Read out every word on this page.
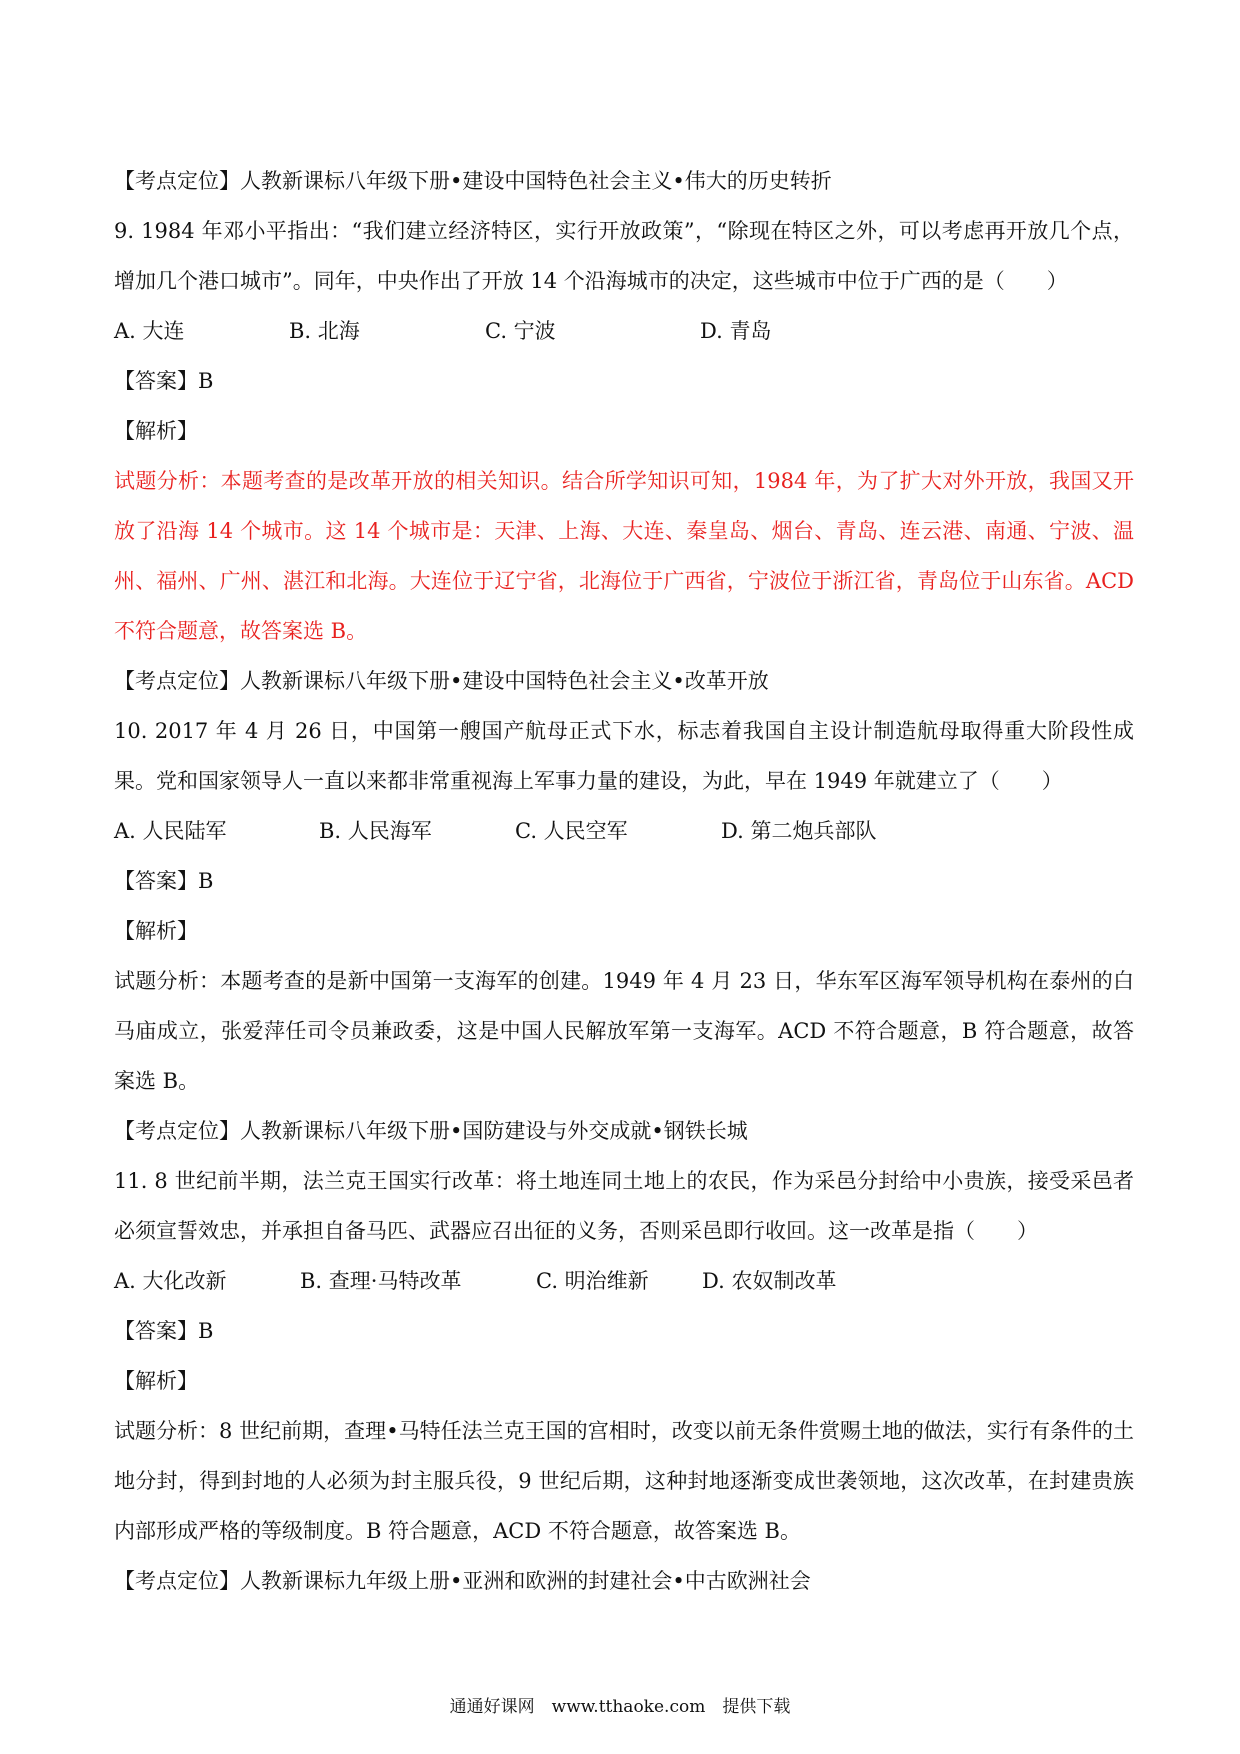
【考点定位】人教新课标八年级下册•建设中国特色社会主义•伟大的历史转折
9. 1984 年邓小平指出：“我们建立经济特区，实行开放政策”，“除现在特区之外，可以考虑再开放几个点，增加几个港口城市”。同年，中央作出了开放 14 个沿海城市的决定，这些城市中位于广西的是（　　）
A. 大连	B. 北海	C. 宁波	D. 青岛
【答案】B
【解析】
试题分析：本题考查的是改革开放的相关知识。结合所学知识可知，1984 年，为了扩大对外开放，我国又开放了沿海 14 个城市。这 14 个城市是：天津、上海、大连、秦皇岛、烟台、青岛、连云港、南通、宁波、温州、福州、广州、湛江和北海。大连位于辽宁省，北海位于广西省，宁波位于浙江省，青岛位于山东省。ACD 不符合题意，故答案选 B。
【考点定位】人教新课标八年级下册•建设中国特色社会主义•改革开放
10. 2017 年 4 月 26 日，中国第一艘国产航母正式下水，标志着我国自主设计制造航母取得重大阶段性成果。党和国家领导人一直以来都非常重视海上军事力量的建设，为此，早在 1949 年就建立了（　　）
A. 人民陆军	B. 人民海军	C. 人民空军	D. 第二炮兵部队
【答案】B
【解析】
试题分析：本题考查的是新中国第一支海军的创建。1949 年 4 月 23 日，华东军区海军领导机构在泰州的白马庙成立，张爱萍任司令员兼政委，这是中国人民解放军第一支海军。ACD 不符合题意，B 符合题意，故答案选 B。
【考点定位】人教新课标八年级下册•国防建设与外交成就•钢铁长城
11. 8 世纪前半期，法兰克王国实行改革：将土地连同土地上的农民，作为采邑分封给中小贵族，接受采邑者必须宣誓效忠，并承担自备马匹、武器应召出征的义务，否则采邑即行收回。这一改革是指（　　）
A. 大化改新	B. 查理·马特改革	C. 明治维新	D. 农奴制改革
【答案】B
【解析】
试题分析：8 世纪前期，查理•马特任法兰克王国的宫相时，改变以前无条件赏赐土地的做法，实行有条件的土地分封，得到封地的人必须为封主服兵役，9 世纪后期，这种封地逐渐变成世袭领地，这次改革，在封建贵族内部形成严格的等级制度。B 符合题意，ACD 不符合题意，故答案选 B。
【考点定位】人教新课标九年级上册•亚洲和欧洲的封建社会•中古欧洲社会
通通好课网　www.tthaoke.com　提供下载
